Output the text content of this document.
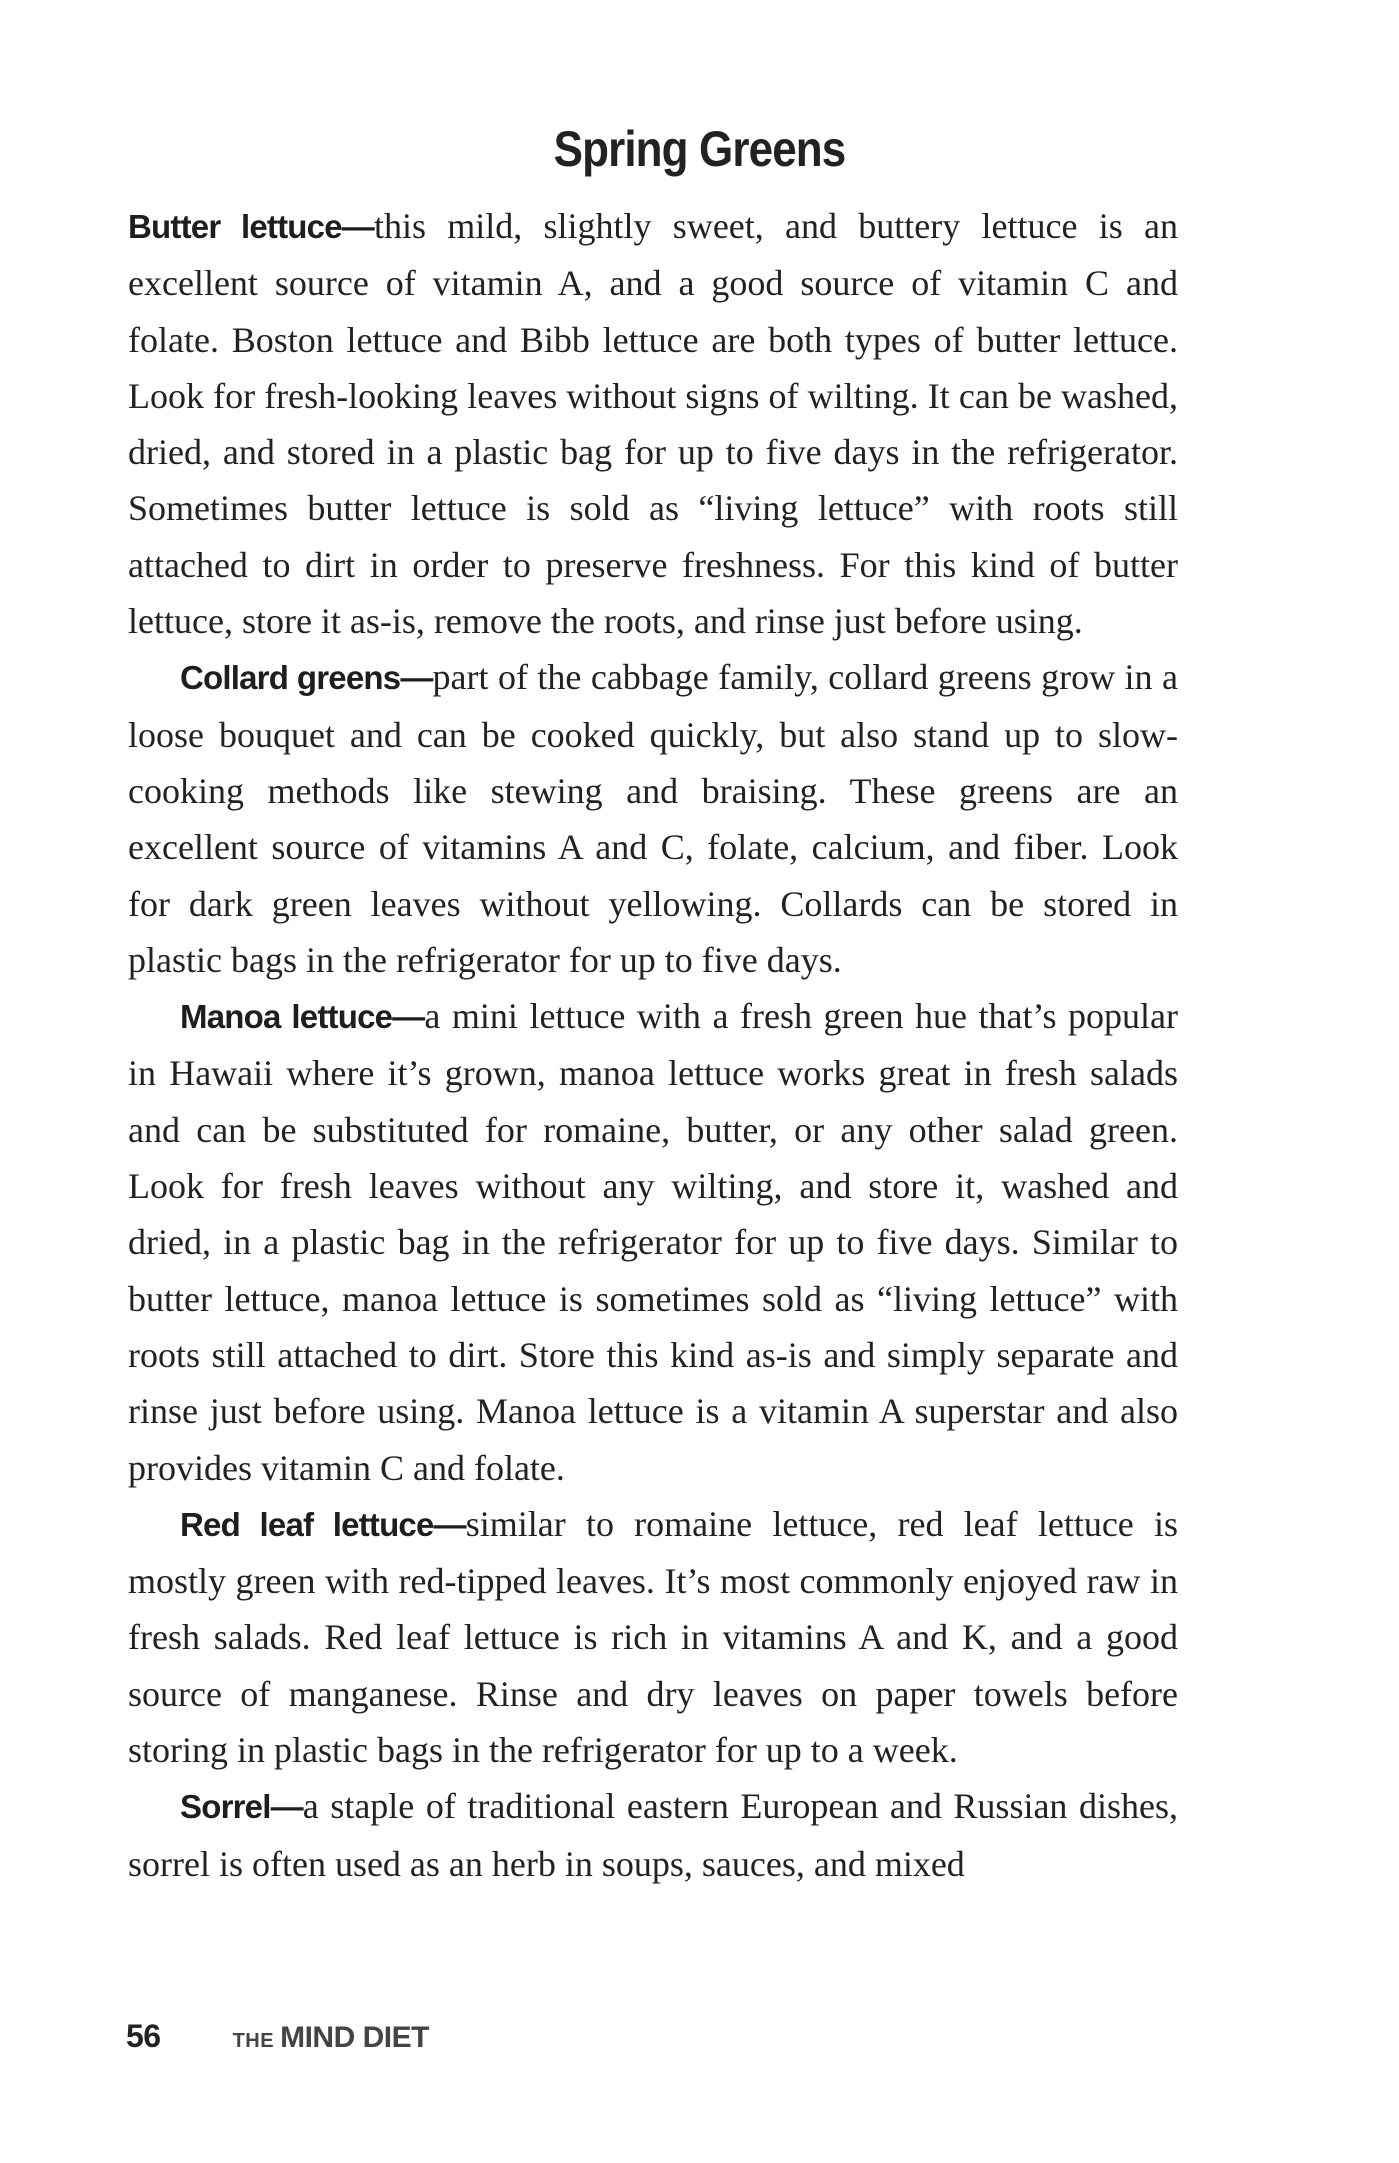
Spring Greens

Butter lettuce—this mild, slightly sweet, and buttery lettuce is an excellent source of vitamin A, and a good source of vitamin C and folate. Boston lettuce and Bibb lettuce are both types of butter lettuce. Look for fresh-looking leaves without signs of wilting. It can be washed, dried, and stored in a plastic bag for up to five days in the refrigerator. Sometimes butter lettuce is sold as “living lettuce” with roots still attached to dirt in order to preserve freshness. For this kind of butter lettuce, store it as-is, remove the roots, and rinse just before using.

Collard greens—part of the cabbage family, collard greens grow in a loose bouquet and can be cooked quickly, but also stand up to slow-cooking methods like stewing and braising. These greens are an excellent source of vitamins A and C, folate, calcium, and fiber. Look for dark green leaves without yellowing. Collards can be stored in plastic bags in the refrigerator for up to five days.

Manoa lettuce—a mini lettuce with a fresh green hue that’s popular in Hawaii where it’s grown, manoa lettuce works great in fresh salads and can be substituted for romaine, butter, or any other salad green. Look for fresh leaves without any wilting, and store it, washed and dried, in a plastic bag in the refrigerator for up to five days. Similar to butter lettuce, manoa lettuce is sometimes sold as “living lettuce” with roots still attached to dirt. Store this kind as-is and simply separate and rinse just before using. Manoa lettuce is a vitamin A superstar and also provides vitamin C and folate.

Red leaf lettuce—similar to romaine lettuce, red leaf lettuce is mostly green with red-tipped leaves. It’s most commonly enjoyed raw in fresh salads. Red leaf lettuce is rich in vitamins A and K, and a good source of manganese. Rinse and dry leaves on paper towels before storing in plastic bags in the refrigerator for up to a week.

Sorrel—a staple of traditional eastern European and Russian dishes, sorrel is often used as an herb in soups, sauces, and mixed

56	THE MIND DIET
